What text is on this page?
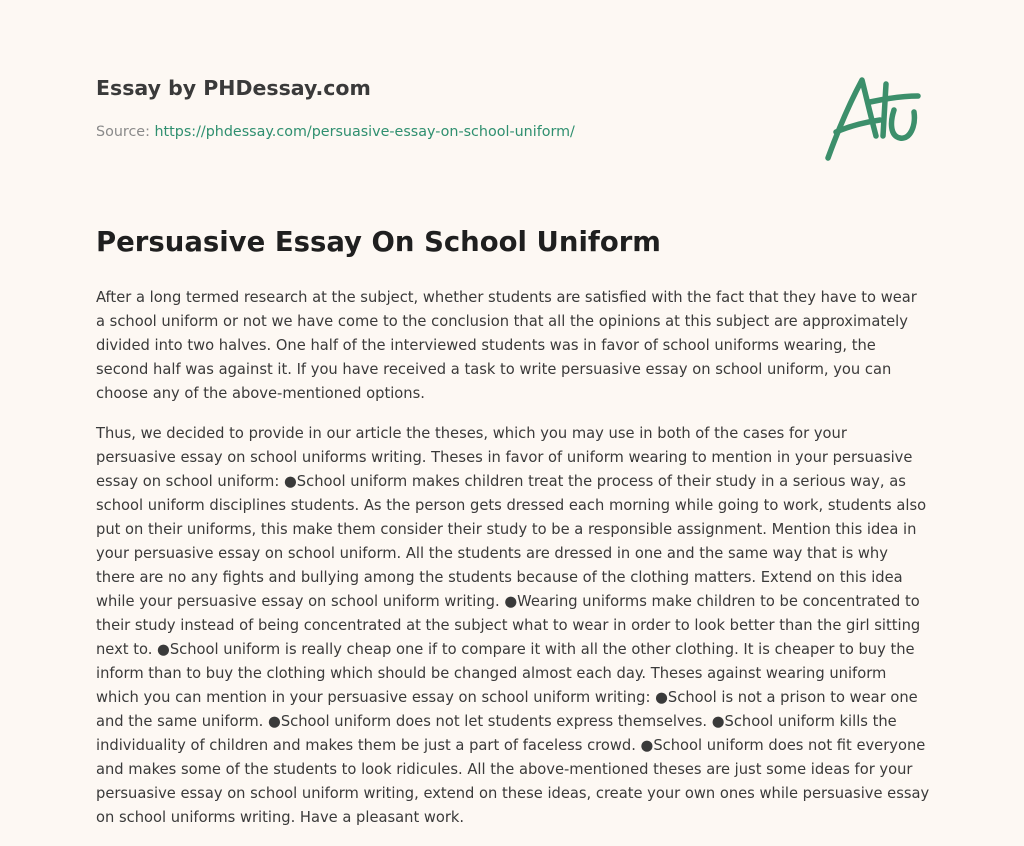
Essay by PHDessay.com
Source: https://phdessay.com/persuasive-essay-on-school-uniform/
Persuasive Essay On School Uniform

After a long termed research at the subject, whether students are satisfied with the fact that they have to wear a school uniform or not we have come to the conclusion that all the opinions at this subject are approximately divided into two halves. One half of the interviewed students was in favor of school uniforms wearing, the second half was against it. If you have received a task to write persuasive essay on school uniform, you can choose any of the above-mentioned options.

Thus, we decided to provide in our article the theses, which you may use in both of the cases for your persuasive essay on school uniforms writing. Theses in favor of uniform wearing to mention in your persuasive essay on school uniform: ●School uniform makes children treat the process of their study in a serious way, as school uniform disciplines students. As the person gets dressed each morning while going to work, students also put on their uniforms, this make them consider their study to be a responsible assignment. Mention this idea in your persuasive essay on school uniform. All the students are dressed in one and the same way that is why there are no any fights and bullying among the students because of the clothing matters. Extend on this idea while your persuasive essay on school uniform writing. ●Wearing uniforms make children to be concentrated to their study instead of being concentrated at the subject what to wear in order to look better than the girl sitting next to. ●School uniform is really cheap one if to compare it with all the other clothing. It is cheaper to buy the inform than to buy the clothing which should be changed almost each day. Theses against wearing uniform which you can mention in your persuasive essay on school uniform writing: ●School is not a prison to wear one and the same uniform. ●School uniform does not let students express themselves. ●School uniform kills the individuality of children and makes them be just a part of faceless crowd. ●School uniform does not fit everyone and makes some of the students to look ridicules. All the above-mentioned theses are just some ideas for your persuasive essay on school uniform writing, extend on these ideas, create your own ones while persuasive essay on school uniforms writing. Have a pleasant work.
